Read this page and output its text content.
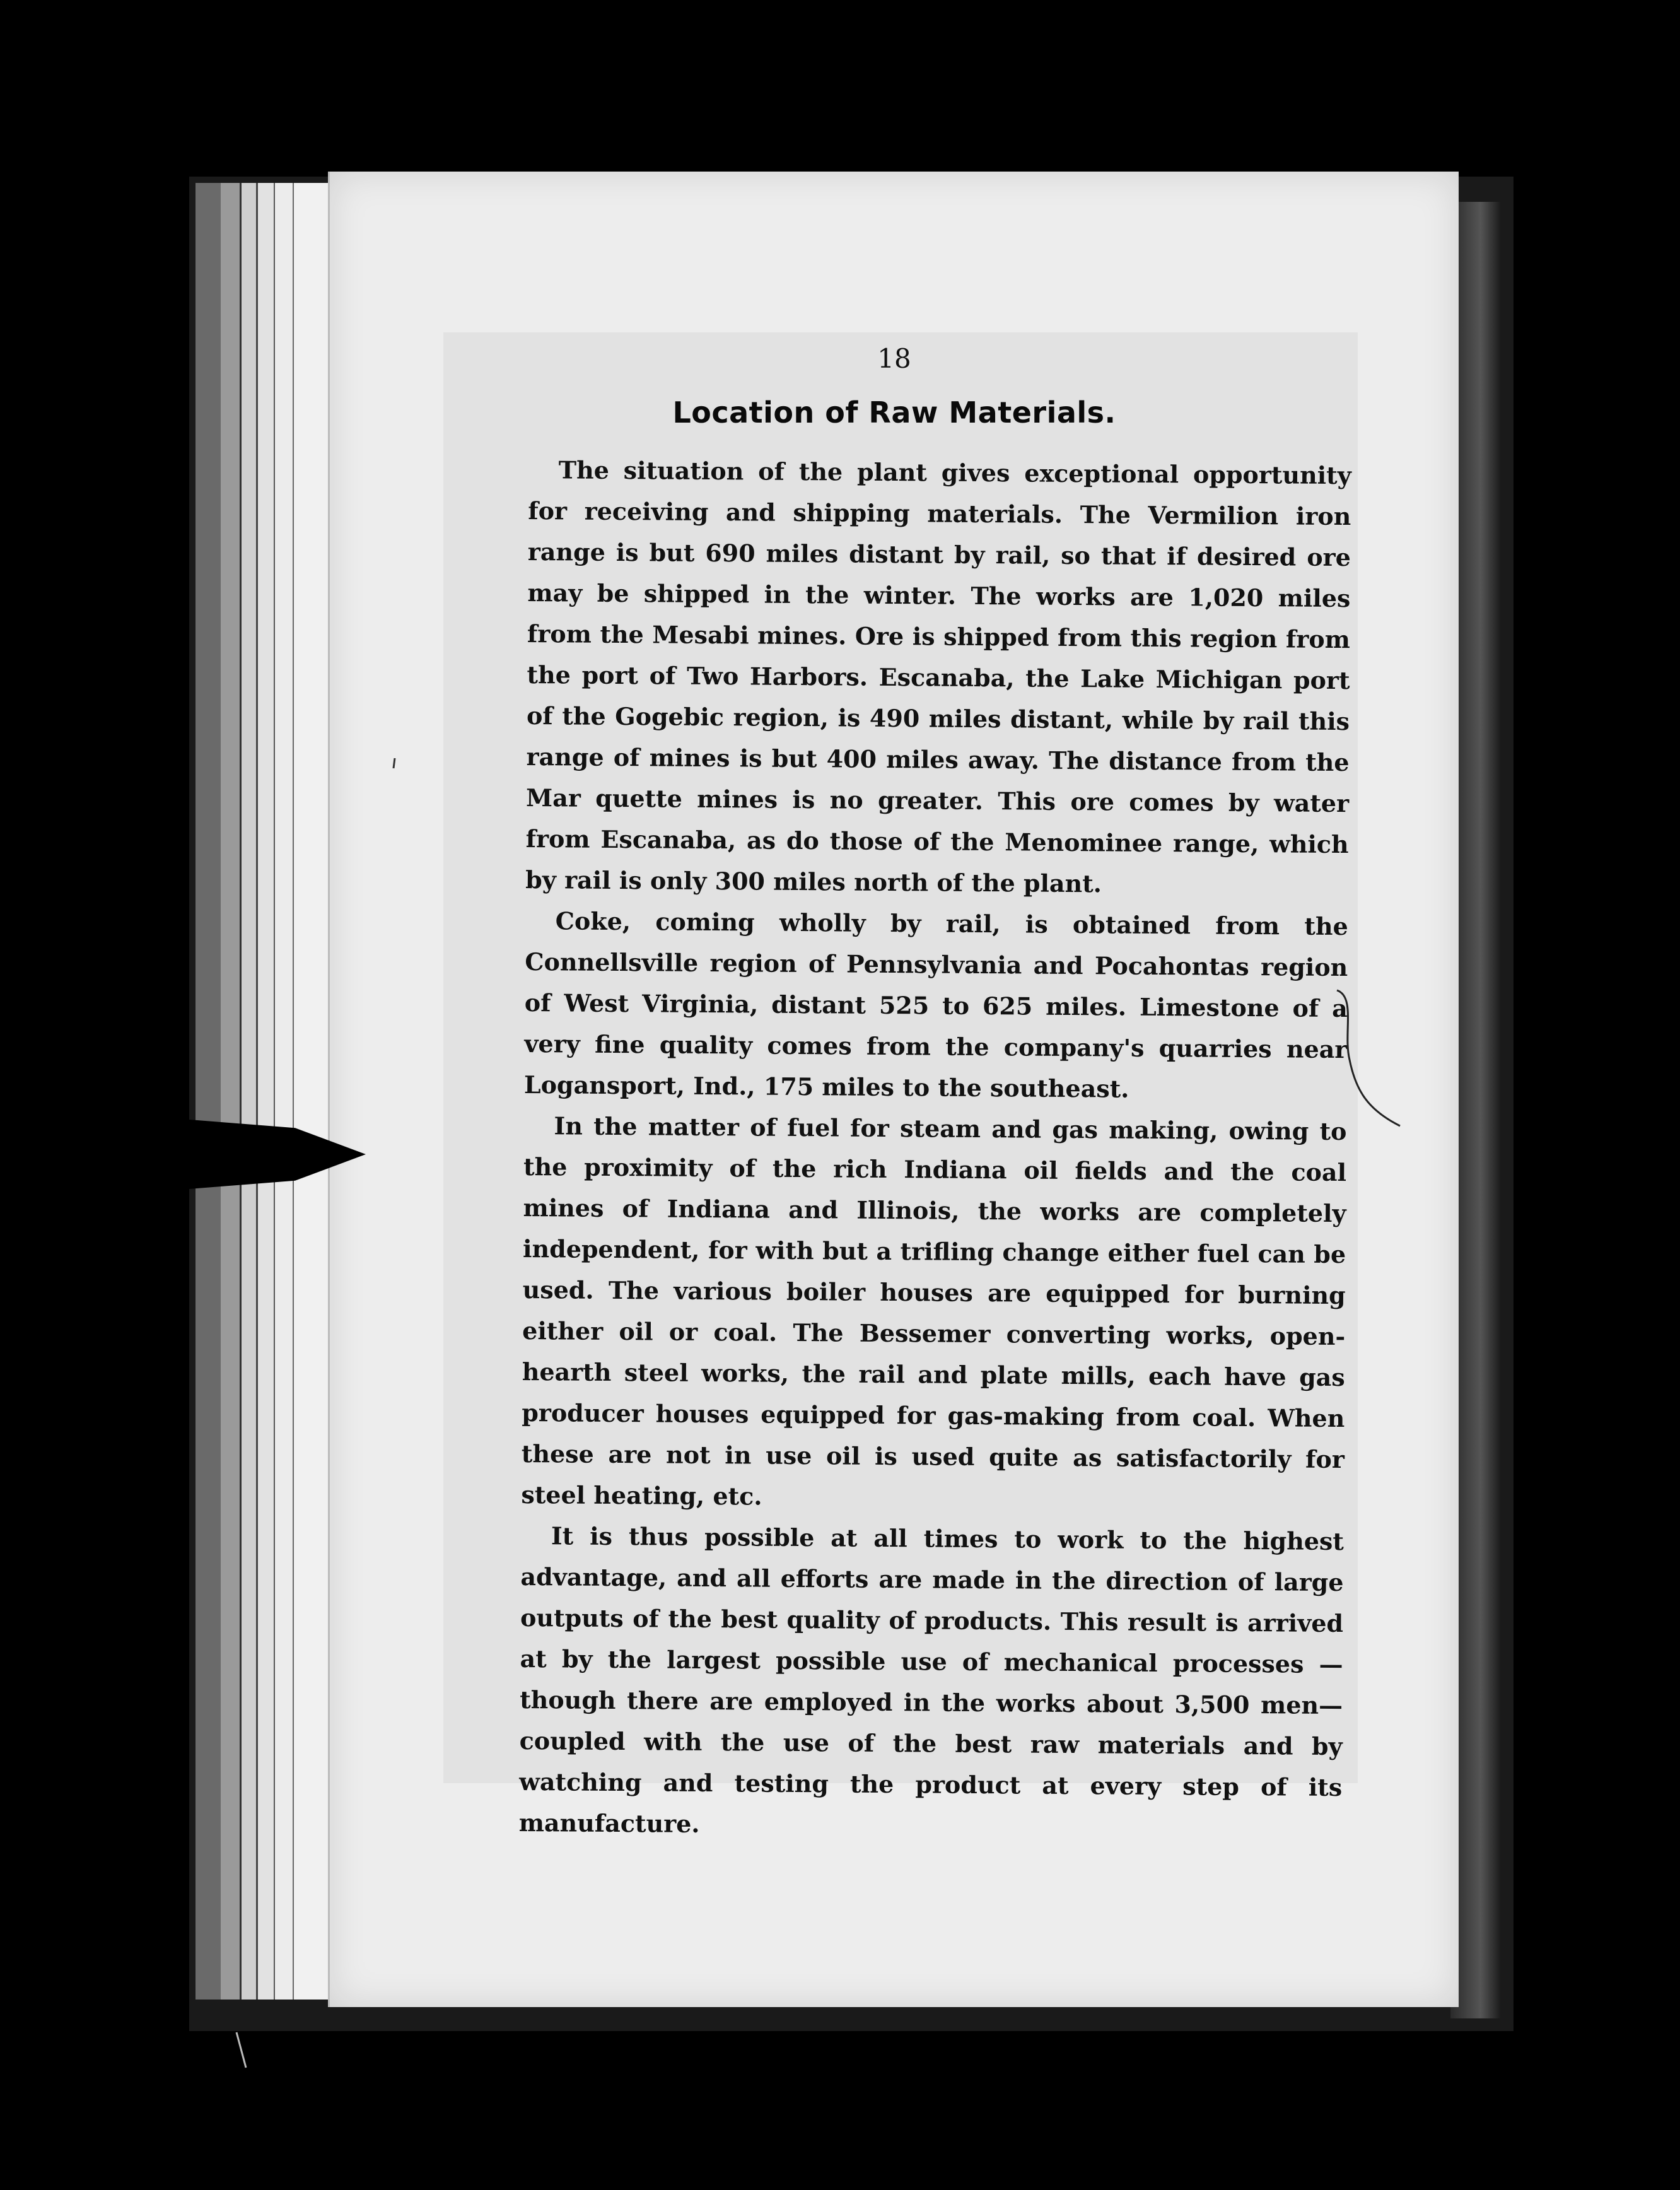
18
Location of Raw Materials.

The situation of the plant gives exceptional opportunity for receiving and shipping materials. The Vermilion iron range is but 690 miles distant by rail, so that if desired ore may be shipped in the winter. The works are 1,020 miles from the Mesabi mines. Ore is shipped from this region from the port of Two Harbors. Escanaba, the Lake Michigan port of the Gogebic region, is 490 miles distant, while by rail this range of mines is but 400 miles away. The distance from the Mar quette mines is no greater. This ore comes by water from Escanaba, as do those of the Menominee range, which by rail is only 300 miles north of the plant.

Coke, coming wholly by rail, is obtained from the Connellsville region of Pennsylvania and Pocahontas region of West Virginia, distant 525 to 625 miles. Limestone of a very fine quality comes from the company's quarries near Logansport, Ind., 175 miles to the southeast.

In the matter of fuel for steam and gas making, owing to the proximity of the rich Indiana oil fields and the coal mines of Indiana and Illinois, the works are completely independent, for with but a trifling change either fuel can be used. The various boiler houses are equipped for burning either oil or coal. The Bessemer converting works, open-hearth steel works, the rail and plate mills, each have gas producer houses equipped for gas-making from coal. When these are not in use oil is used quite as satisfactorily for steel heating, etc.

It is thus possible at all times to work to the highest advantage, and all efforts are made in the direction of large outputs of the best quality of products. This result is arrived at by the largest possible use of mechanical processes —though there are employed in the works about 3,500 men—coupled with the use of the best raw materials and by watching and testing the product at every step of its manufacture.
